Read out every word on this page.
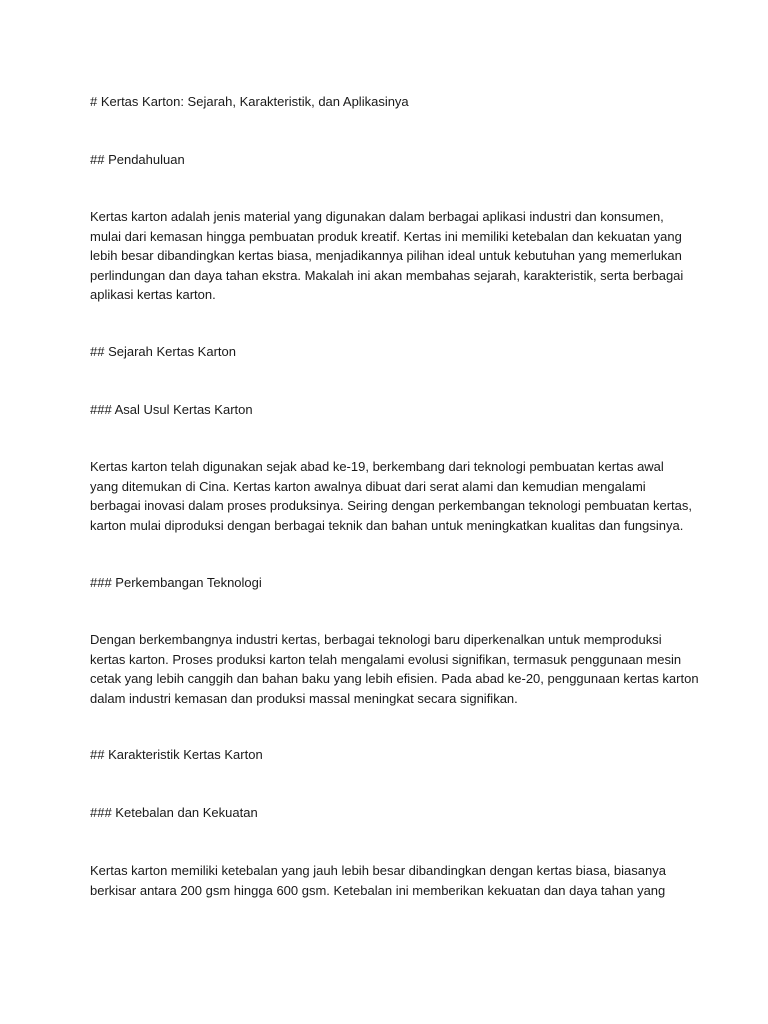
# Kertas Karton: Sejarah, Karakteristik, dan Aplikasinya

## Pendahuluan

Kertas karton adalah jenis material yang digunakan dalam berbagai aplikasi industri dan konsumen,
mulai dari kemasan hingga pembuatan produk kreatif. Kertas ini memiliki ketebalan dan kekuatan yang
lebih besar dibandingkan kertas biasa, menjadikannya pilihan ideal untuk kebutuhan yang memerlukan
perlindungan dan daya tahan ekstra. Makalah ini akan membahas sejarah, karakteristik, serta berbagai
aplikasi kertas karton.

## Sejarah Kertas Karton

### Asal Usul Kertas Karton

Kertas karton telah digunakan sejak abad ke-19, berkembang dari teknologi pembuatan kertas awal
yang ditemukan di Cina. Kertas karton awalnya dibuat dari serat alami dan kemudian mengalami
berbagai inovasi dalam proses produksinya. Seiring dengan perkembangan teknologi pembuatan kertas,
karton mulai diproduksi dengan berbagai teknik dan bahan untuk meningkatkan kualitas dan fungsinya.

### Perkembangan Teknologi

Dengan berkembangnya industri kertas, berbagai teknologi baru diperkenalkan untuk memproduksi
kertas karton. Proses produksi karton telah mengalami evolusi signifikan, termasuk penggunaan mesin
cetak yang lebih canggih dan bahan baku yang lebih efisien. Pada abad ke-20, penggunaan kertas karton
dalam industri kemasan dan produksi massal meningkat secara signifikan.

## Karakteristik Kertas Karton

### Ketebalan dan Kekuatan

Kertas karton memiliki ketebalan yang jauh lebih besar dibandingkan dengan kertas biasa, biasanya
berkisar antara 200 gsm hingga 600 gsm. Ketebalan ini memberikan kekuatan dan daya tahan yang
